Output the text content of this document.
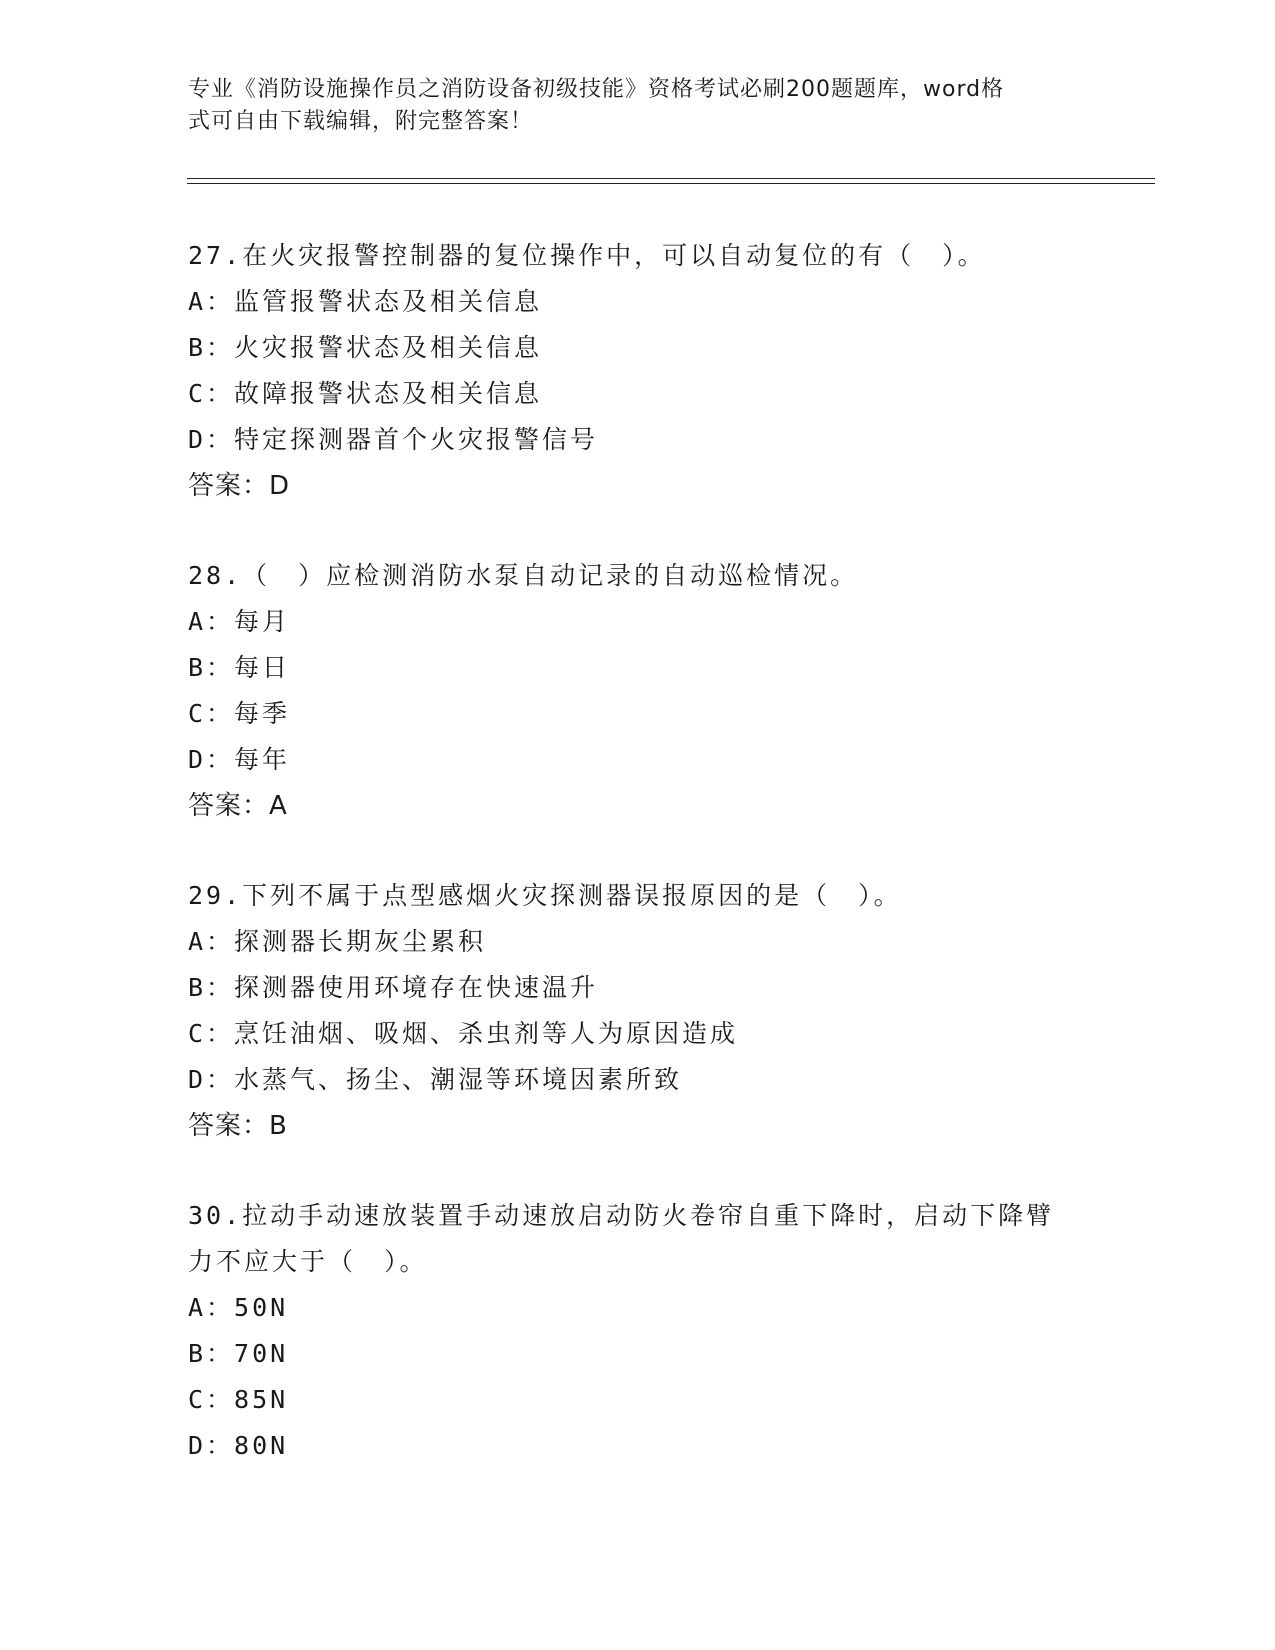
专业《消防设施操作员之消防设备初级技能》资格考试必刷200题题库，word格
式可自由下载编辑，附完整答案！
27.在火灾报警控制器的复位操作中，可以自动复位的有（　）。
A：监管报警状态及相关信息
B：火灾报警状态及相关信息
C：故障报警状态及相关信息
D：特定探测器首个火灾报警信号
答案：D
28.（　）应检测消防水泵自动记录的自动巡检情况。
A：每月
B：每日
C：每季
D：每年
答案：A
29.下列不属于点型感烟火灾探测器误报原因的是（　）。
A：探测器长期灰尘累积
B：探测器使用环境存在快速温升
C：烹饪油烟、吸烟、杀虫剂等人为原因造成
D：水蒸气、扬尘、潮湿等环境因素所致
答案：B
30.拉动手动速放装置手动速放启动防火卷帘自重下降时，启动下降臂力不应大于（　）。
A：50N
B：70N
C：85N
D：80N
